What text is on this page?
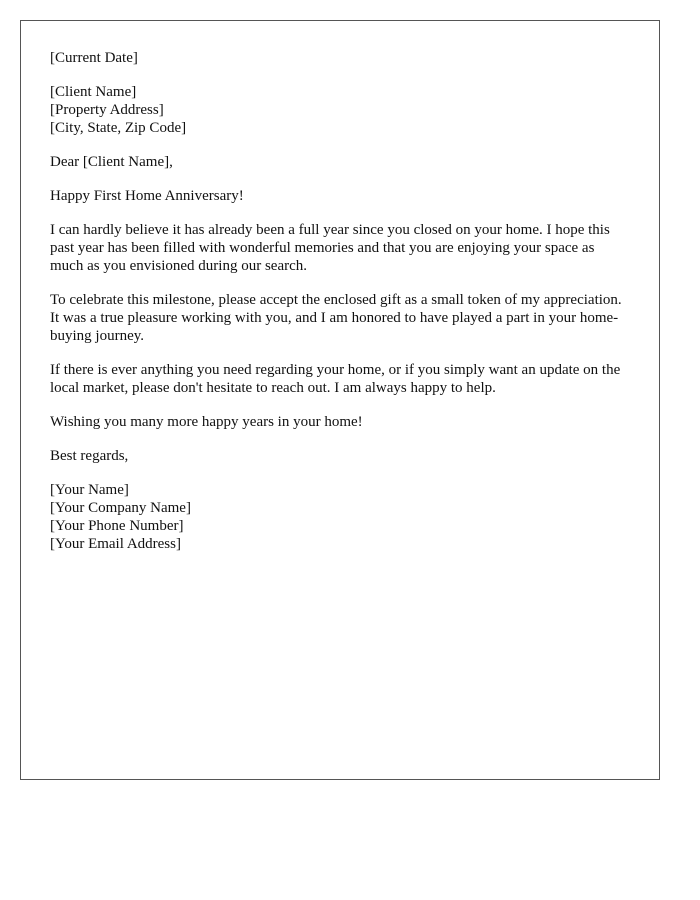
[Current Date]
[Client Name]
[Property Address]
[City, State, Zip Code]

Dear [Client Name],

Happy First Home Anniversary!

I can hardly believe it has already been a full year since you closed on your home. I hope this past year has been filled with wonderful memories and that you are enjoying your space as much as you envisioned during our search.

To celebrate this milestone, please accept the enclosed gift as a small token of my appreciation. It was a true pleasure working with you, and I am honored to have played a part in your home-buying journey.

If there is ever anything you need regarding your home, or if you simply want an update on the local market, please don't hesitate to reach out. I am always happy to help.

Wishing you many more happy years in your home!

Best regards,

[Your Name]
[Your Company Name]
[Your Phone Number]
[Your Email Address]
